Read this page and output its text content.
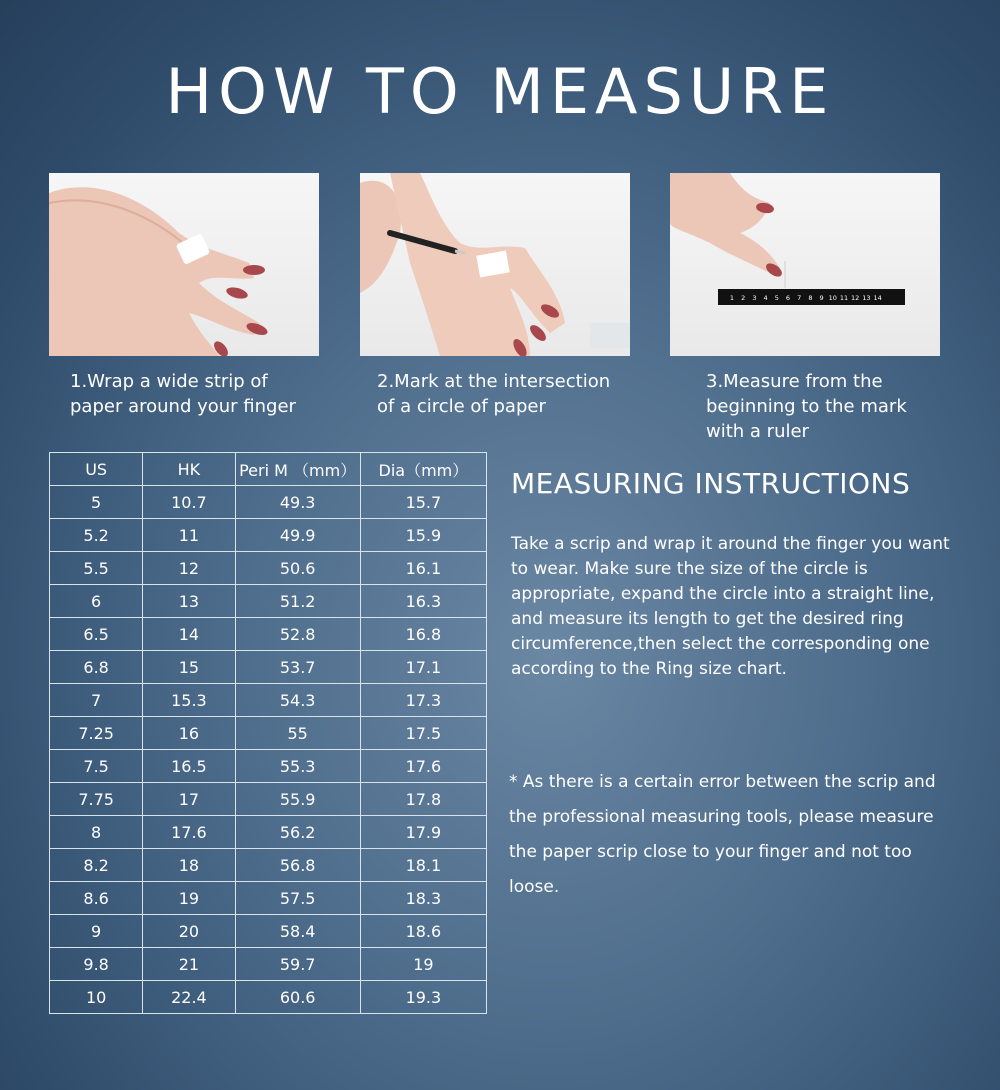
HOW TO MEASURE
1 2 3 4 5 6 7 8 9 10 11 12 13 14
1.Wrap a wide strip of
paper around your finger
2.Mark at the intersection
of a circle of paper
3.Measure from the
beginning to the mark
with a ruler
US	HK	Peri M （mm）	Dia（mm）
5	10.7	49.3	15.7
5.2	11	49.9	15.9
5.5	12	50.6	16.1
6	13	51.2	16.3
6.5	14	52.8	16.8
6.8	15	53.7	17.1
7	15.3	54.3	17.3
7.25	16	55	17.5
7.5	16.5	55.3	17.6
7.75	17	55.9	17.8
8	17.6	56.2	17.9
8.2	18	56.8	18.1
8.6	19	57.5	18.3
9	20	58.4	18.6
9.8	21	59.7	19
10	22.4	60.6	19.3
MEASURING INSTRUCTIONS
Take a scrip and wrap it around the finger you want to wear. Make sure the size of the circle is appropriate, expand the circle into a straight line, and measure its length to get the desired ring circumference,then select the corresponding one according to the Ring size chart.
* As there is a certain error between the scrip and the professional measuring tools, please measure the paper scrip close to your finger and not too loose.
